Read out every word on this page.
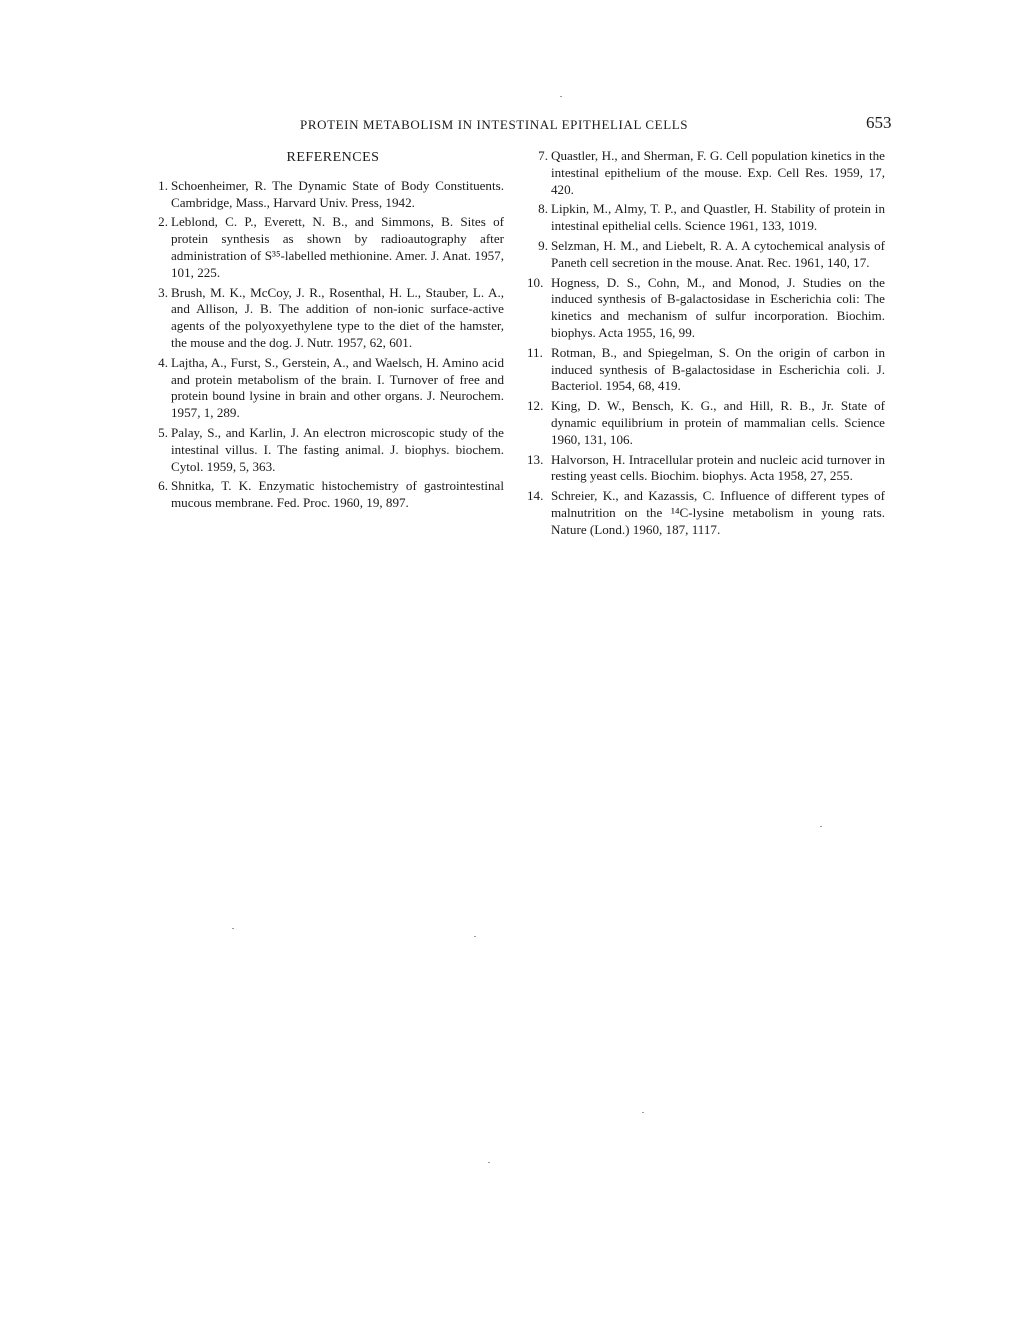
PROTEIN METABOLISM IN INTESTINAL EPITHELIAL CELLS	653
REFERENCES
1. Schoenheimer, R. The Dynamic State of Body Constituents. Cambridge, Mass., Harvard Univ. Press, 1942.
2. Leblond, C. P., Everett, N. B., and Simmons, B. Sites of protein synthesis as shown by radioautography after administration of S³⁵-labelled methionine. Amer. J. Anat. 1957, 101, 225.
3. Brush, M. K., McCoy, J. R., Rosenthal, H. L., Stauber, L. A., and Allison, J. B. The addition of non-ionic surface-active agents of the polyoxyethylene type to the diet of the hamster, the mouse and the dog. J. Nutr. 1957, 62, 601.
4. Lajtha, A., Furst, S., Gerstein, A., and Waelsch, H. Amino acid and protein metabolism of the brain. I. Turnover of free and protein bound lysine in brain and other organs. J. Neurochem. 1957, 1, 289.
5. Palay, S., and Karlin, J. An electron microscopic study of the intestinal villus. I. The fasting animal. J. biophys. biochem. Cytol. 1959, 5, 363.
6. Shnitka, T. K. Enzymatic histochemistry of gastrointestinal mucous membrane. Fed. Proc. 1960, 19, 897.
7. Quastler, H., and Sherman, F. G. Cell population kinetics in the intestinal epithelium of the mouse. Exp. Cell Res. 1959, 17, 420.
8. Lipkin, M., Almy, T. P., and Quastler, H. Stability of protein in intestinal epithelial cells. Science 1961, 133, 1019.
9. Selzman, H. M., and Liebelt, R. A. A cytochemical analysis of Paneth cell secretion in the mouse. Anat. Rec. 1961, 140, 17.
10. Hogness, D. S., Cohn, M., and Monod, J. Studies on the induced synthesis of B-galactosidase in Escherichia coli: The kinetics and mechanism of sulfur incorporation. Biochim. biophys. Acta 1955, 16, 99.
11. Rotman, B., and Spiegelman, S. On the origin of carbon in induced synthesis of B-galactosidase in Escherichia coli. J. Bacteriol. 1954, 68, 419.
12. King, D. W., Bensch, K. G., and Hill, R. B., Jr. State of dynamic equilibrium in protein of mammalian cells. Science 1960, 131, 106.
13. Halvorson, H. Intracellular protein and nucleic acid turnover in resting yeast cells. Biochim. biophys. Acta 1958, 27, 255.
14. Schreier, K., and Kazassis, C. Influence of different types of malnutrition on the ¹⁴C-lysine metabolism in young rats. Nature (Lond.) 1960, 187, 1117.
